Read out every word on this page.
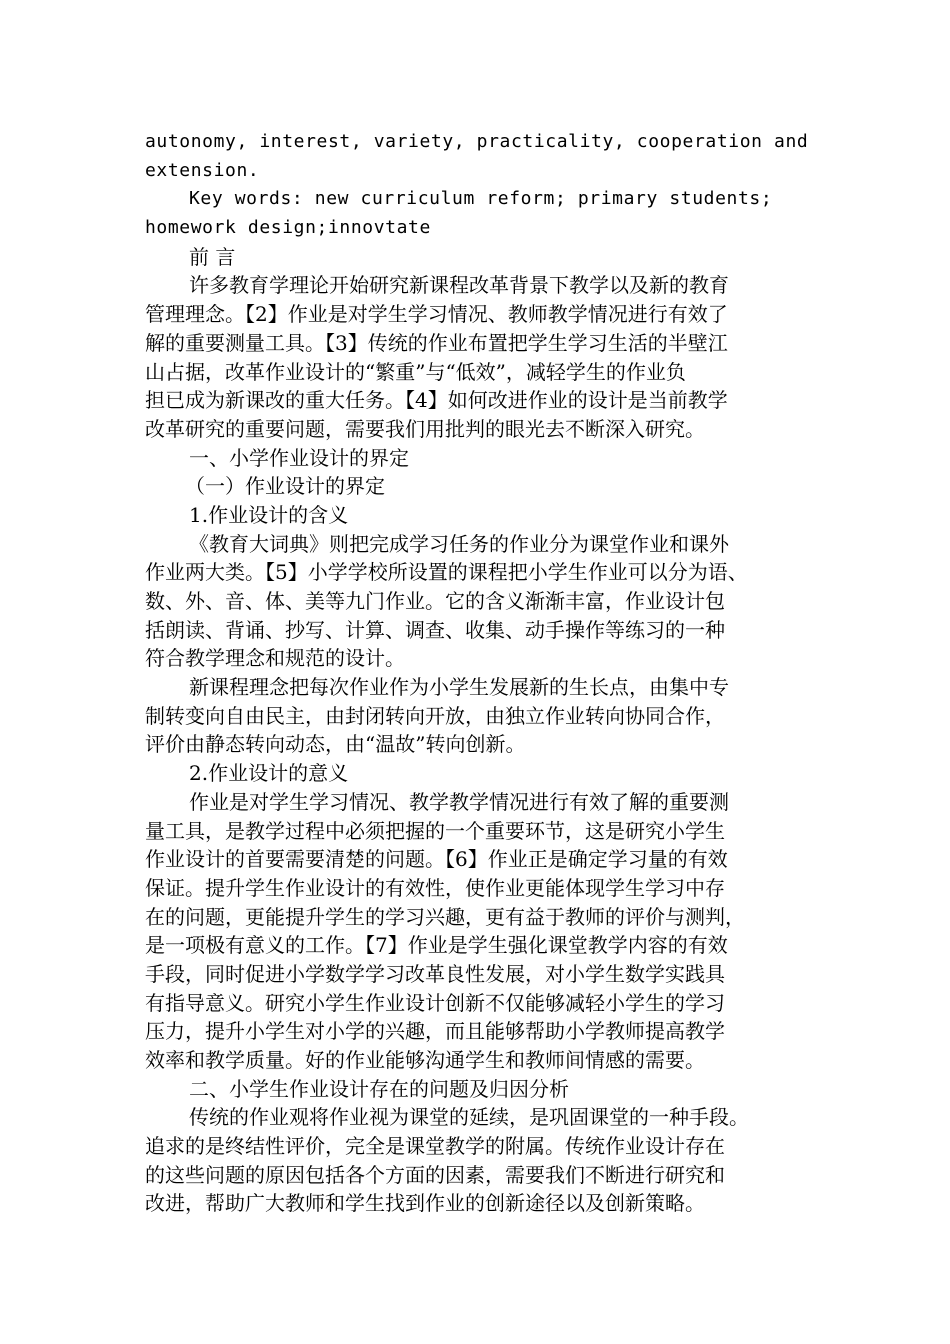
autonomy, interest, variety, practicality, cooperation and
extension.
Key words: new curriculum reform; primary students;
homework design;innovtate
前 言
许多教育学理论开始研究新课程改革背景下教学以及新的教育
管理理念。【2】作业是对学生学习情况、教师教学情况进行有效了
解的重要测量工具。【3】传统的作业布置把学生学习生活的半壁江
山占据，改革作业设计的“繁重”与“低效”，减轻学生的作业负
担已成为新课改的重大任务。【4】如何改进作业的设计是当前教学
改革研究的重要问题，需要我们用批判的眼光去不断深入研究。
一、小学作业设计的界定
（一）作业设计的界定
1.作业设计的含义
《教育大词典》则把完成学习任务的作业分为课堂作业和课外
作业两大类。【5】小学学校所设置的课程把小学生作业可以分为语、
数、外、音、体、美等九门作业。它的含义渐渐丰富，作业设计包
括朗读、背诵、抄写、计算、调查、收集、动手操作等练习的一种
符合教学理念和规范的设计。
新课程理念把每次作业作为小学生发展新的生长点，由集中专
制转变向自由民主，由封闭转向开放，由独立作业转向协同合作，
评价由静态转向动态，由“温故”转向创新。
2.作业设计的意义
作业是对学生学习情况、教学教学情况进行有效了解的重要测
量工具，是教学过程中必须把握的一个重要环节，这是研究小学生
作业设计的首要需要清楚的问题。【6】作业正是确定学习量的有效
保证。提升学生作业设计的有效性，使作业更能体现学生学习中存
在的问题，更能提升学生的学习兴趣，更有益于教师的评价与测判，
是一项极有意义的工作。【7】作业是学生强化课堂教学内容的有效
手段，同时促进小学数学学习改革良性发展，对小学生数学实践具
有指导意义。研究小学生作业设计创新不仅能够减轻小学生的学习
压力，提升小学生对小学的兴趣，而且能够帮助小学教师提高教学
效率和教学质量。好的作业能够沟通学生和教师间情感的需要。
二、小学生作业设计存在的问题及归因分析
传统的作业观将作业视为课堂的延续，是巩固课堂的一种手段。
追求的是终结性评价，完全是课堂教学的附属。传统作业设计存在
的这些问题的原因包括各个方面的因素，需要我们不断进行研究和
改进，帮助广大教师和学生找到作业的创新途径以及创新策略。
